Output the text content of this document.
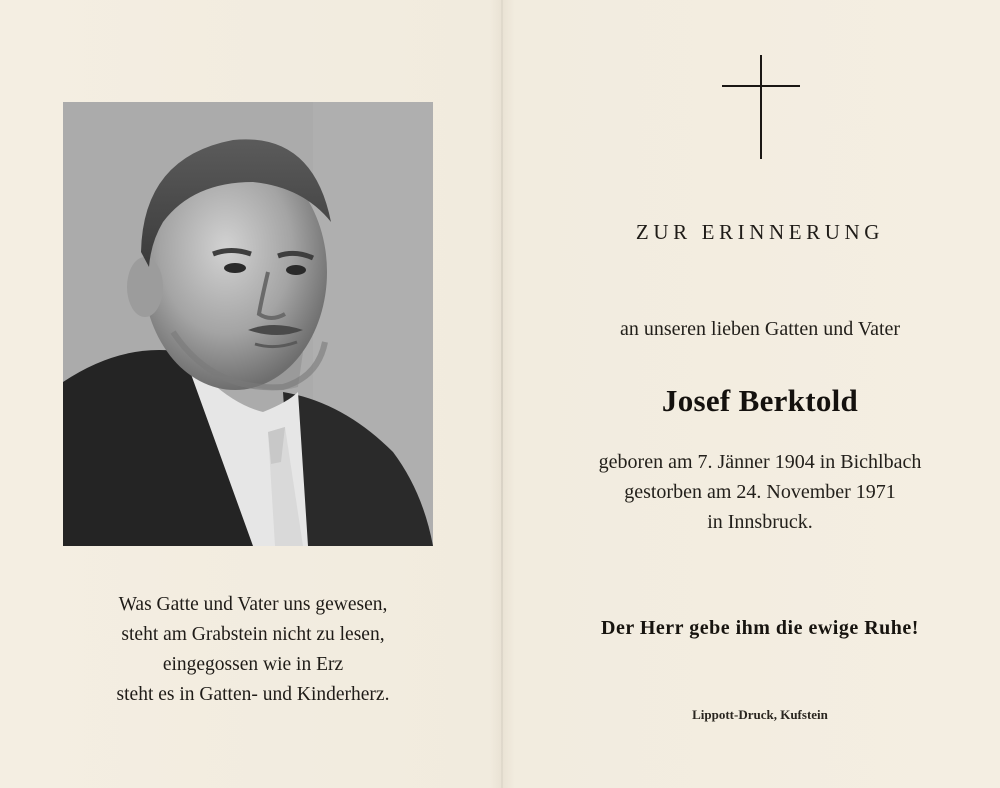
Was Gatte und Vater uns gewesen,
steht am Grabstein nicht zu lesen,
eingegossen wie in Erz
steht es in Gatten- und Kinderherz.
ZUR ERINNERUNG
an unseren lieben Gatten und Vater
Josef Berktold
geboren am 7. Jänner 1904 in Bichlbach
gestorben am 24. November 1971
in Innsbruck.
Der Herr gebe ihm die ewige Ruhe!
Lippott-Druck, Kufstein
